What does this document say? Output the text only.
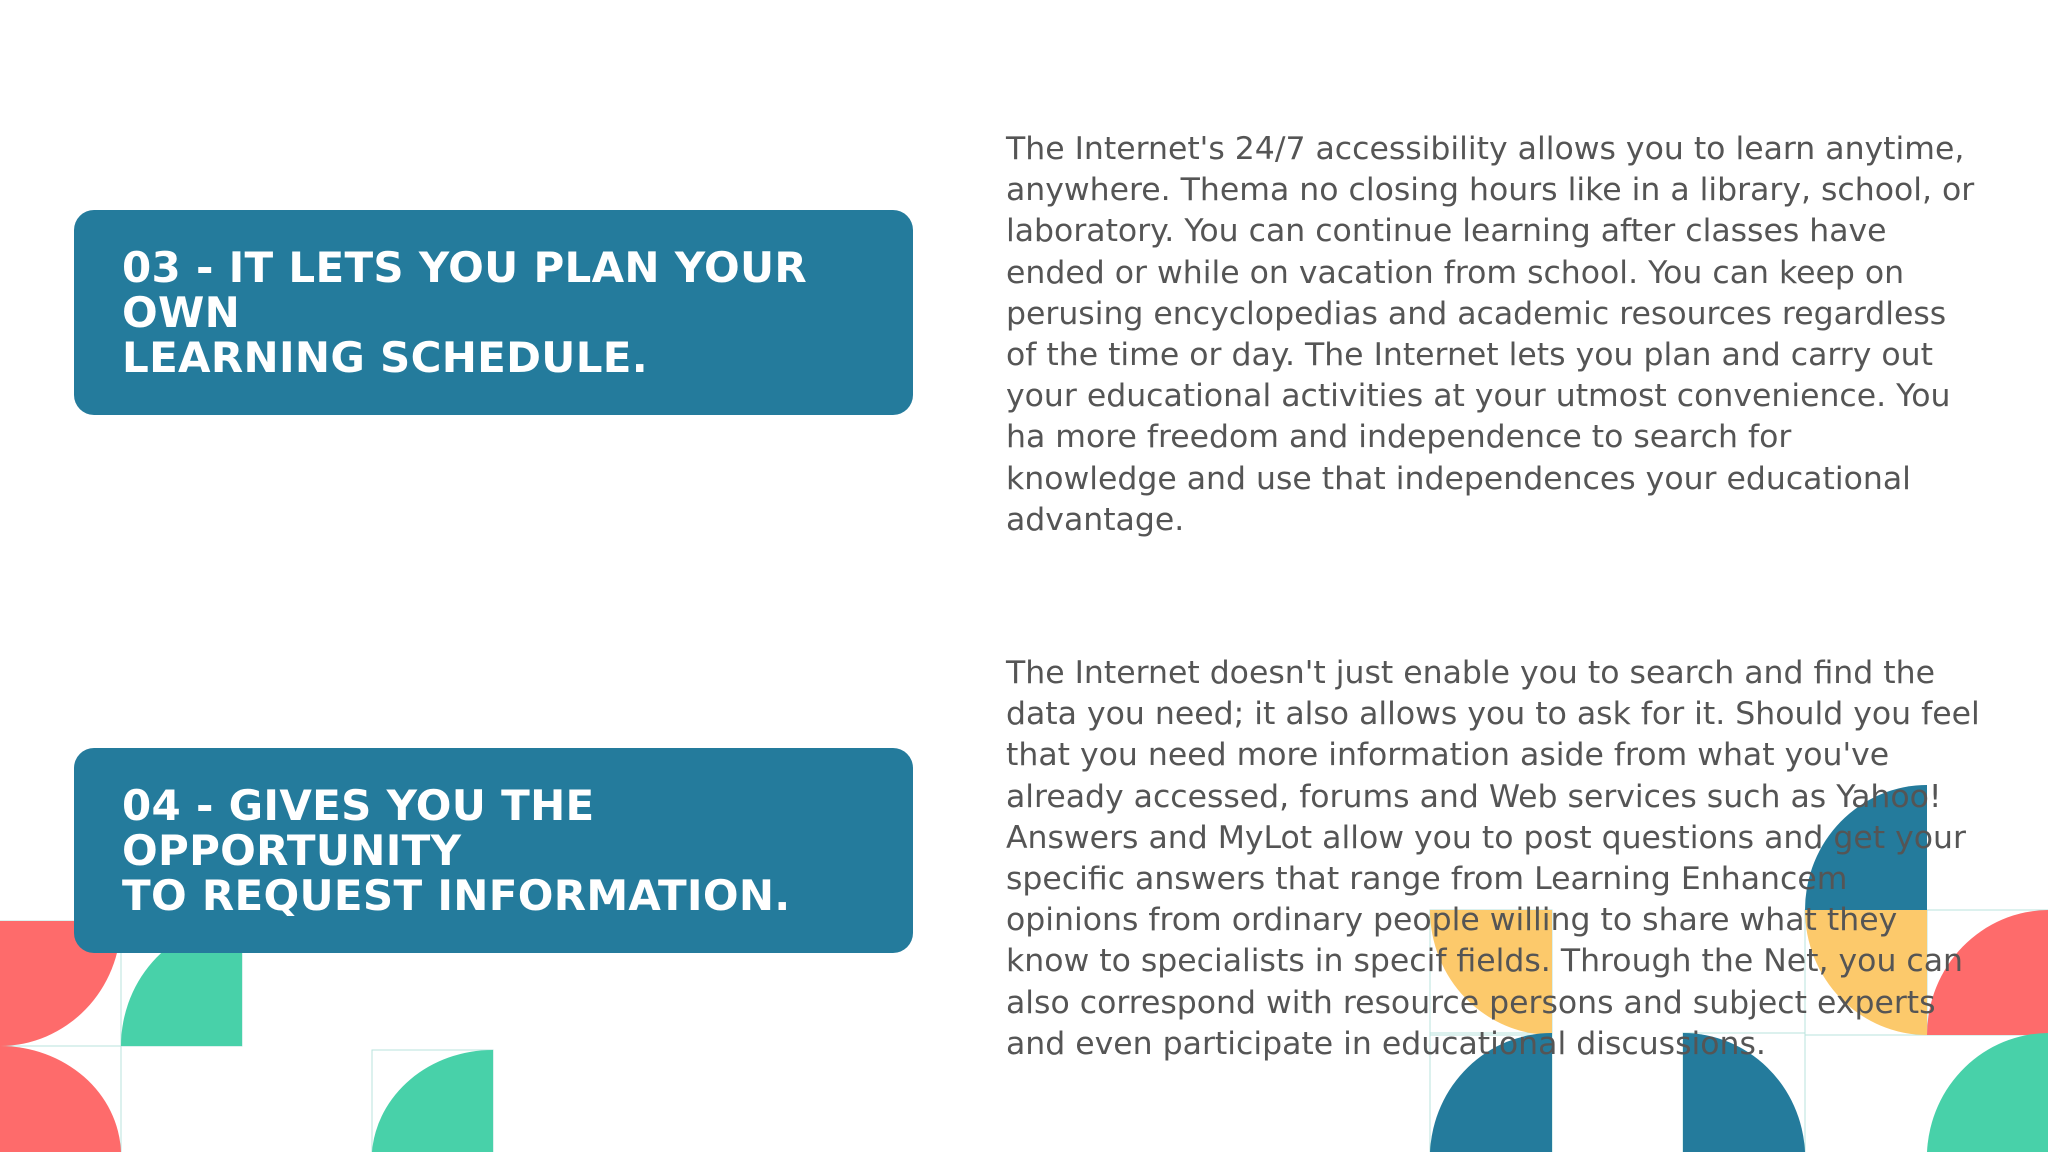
03 - IT LETS YOU PLAN YOUR OWN
LEARNING SCHEDULE.
The Internet's 24/7 accessibility allows you to learn anytime,
anywhere. Thema no closing hours like in a library, school, or
laboratory. You can continue learning after classes have
ended or while on vacation from school. You can keep on
perusing encyclopedias and academic resources regardless
of the time or day. The Internet lets you plan and carry out
your educational activities at your utmost convenience. You
ha more freedom and independence to search for
knowledge and use that independences your educational
advantage.
04 - GIVES YOU THE OPPORTUNITY
TO REQUEST INFORMATION.
The Internet doesn't just enable you to search and find the
data you need; it also allows you to ask for it. Should you feel
that you need more information aside from what you've
already accessed, forums and Web services such as Yahoo!
Answers and MyLot allow you to post questions and get your
specific answers that range from Learning Enhancem
opinions from ordinary people willing to share what they
know to specialists in specif fields. Through the Net, you can
also correspond with resource persons and subject experts
and even participate in educational discussions.
